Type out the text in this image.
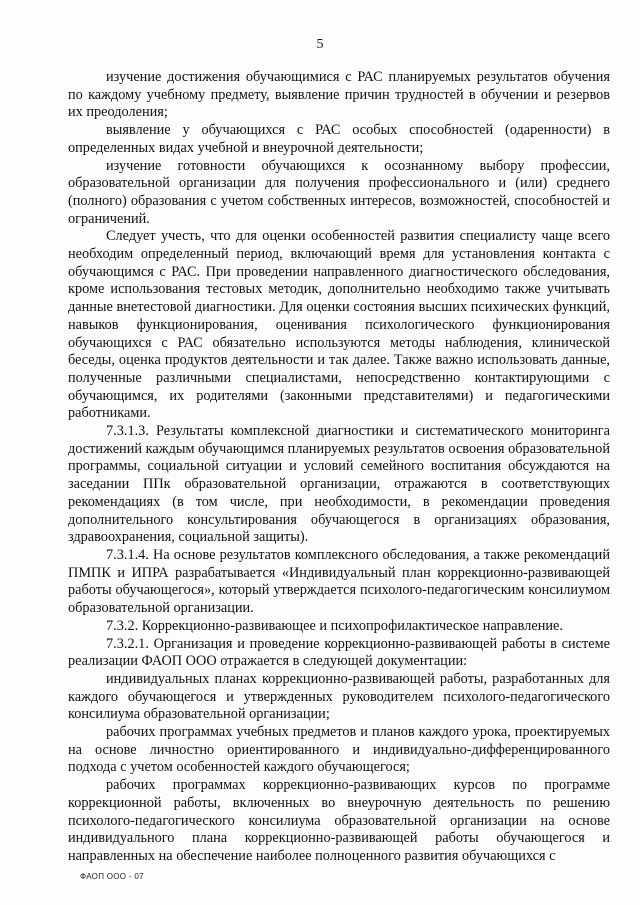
5

изучение достижения обучающимися с РАС планируемых результатов обучения по каждому учебному предмету, выявление причин трудностей в обучении и резервов их преодоления;

выявление у обучающихся с РАС особых способностей (одаренности) в определенных видах учебной и внеурочной деятельности;

изучение готовности обучающихся к осознанному выбору профессии, образовательной организации для получения профессионального и (или) среднего (полного) образования с учетом собственных интересов, возможностей, способностей и ограничений.

Следует учесть, что для оценки особенностей развития специалисту чаще всего необходим определенный период, включающий время для установления контакта с обучающимся с РАС. При проведении направленного диагностического обследования, кроме использования тестовых методик, дополнительно необходимо также учитывать данные внетестовой диагностики. Для оценки состояния высших психических функций, навыков функционирования, оценивания психологического функционирования обучающихся с РАС обязательно используются методы наблюдения, клинической беседы, оценка продуктов деятельности и так далее. Также важно использовать данные, полученные различными специалистами, непосредственно контактирующими с обучающимся, их родителями (законными представителями) и педагогическими работниками.

7.3.1.3. Результаты комплексной диагностики и систематического мониторинга достижений каждым обучающимся планируемых результатов освоения образовательной программы, социальной ситуации и условий семейного воспитания обсуждаются на заседании ППк образовательной организации, отражаются в соответствующих рекомендациях (в том числе, при необходимости, в рекомендации проведения дополнительного консультирования обучающегося в организациях образования, здравоохранения, социальной защиты).

7.3.1.4. На основе результатов комплексного обследования, а также рекомендаций ПМПК и ИПРА разрабатывается «Индивидуальный план коррекционно-развивающей работы обучающегося», который утверждается психолого-педагогическим консилиумом образовательной организации.

7.3.2. Коррекционно-развивающее и психопрофилактическое направление.

7.3.2.1. Организация и проведение коррекционно-развивающей работы в системе реализации ФАОП ООО отражается в следующей документации:

индивидуальных планах коррекционно-развивающей работы, разработанных для каждого обучающегося и утвержденных руководителем психолого-педагогического консилиума образовательной организации;

рабочих программах учебных предметов и планов каждого урока, проектируемых на основе личностно ориентированного и индивидуально-дифференцированного подхода с учетом особенностей каждого обучающегося;

рабочих программах коррекционно-развивающих курсов по программе коррекционной работы, включенных во внеурочную деятельность по решению психолого-педагогического консилиума образовательной организации на основе индивидуального плана коррекционно-развивающей работы обучающегося и направленных на обеспечение наиболее полноценного развития обучающихся с

ФАОП ООО - 07
